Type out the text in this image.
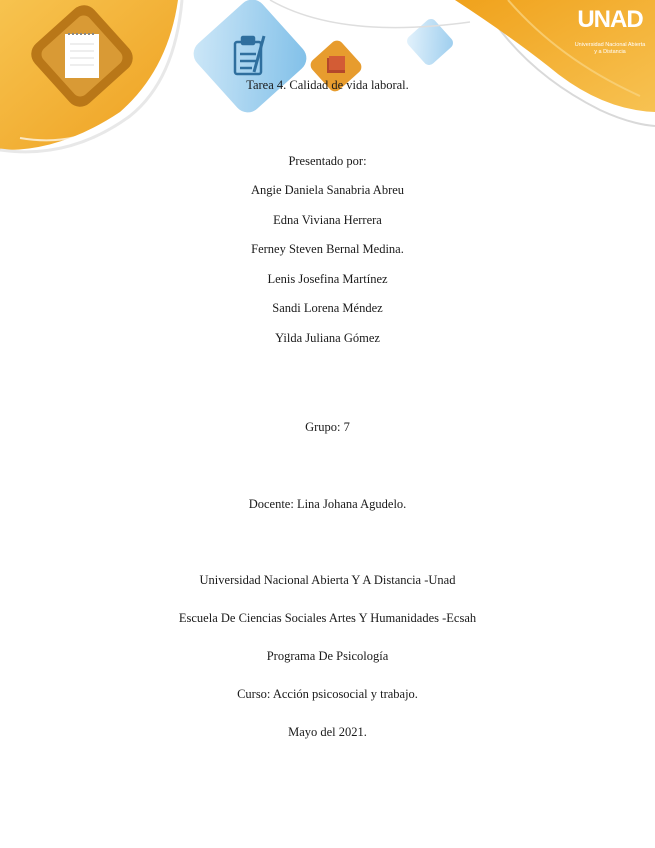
UNAD
Universidad Nacional Abierta y a Distancia
Tarea 4. Calidad de vida laboral.
Presentado por:
Angie Daniela Sanabria Abreu
Edna Viviana Herrera
Ferney Steven Bernal Medina.
Lenis Josefina Martínez
Sandi Lorena Méndez
Yilda Juliana Gómez
Grupo: 7
Docente: Lina Johana Agudelo.
Universidad Nacional Abierta Y A Distancia -Unad
Escuela De Ciencias Sociales Artes Y Humanidades -Ecsah
Programa De Psicología
Curso: Acción psicosocial y trabajo.
Mayo del 2021.
